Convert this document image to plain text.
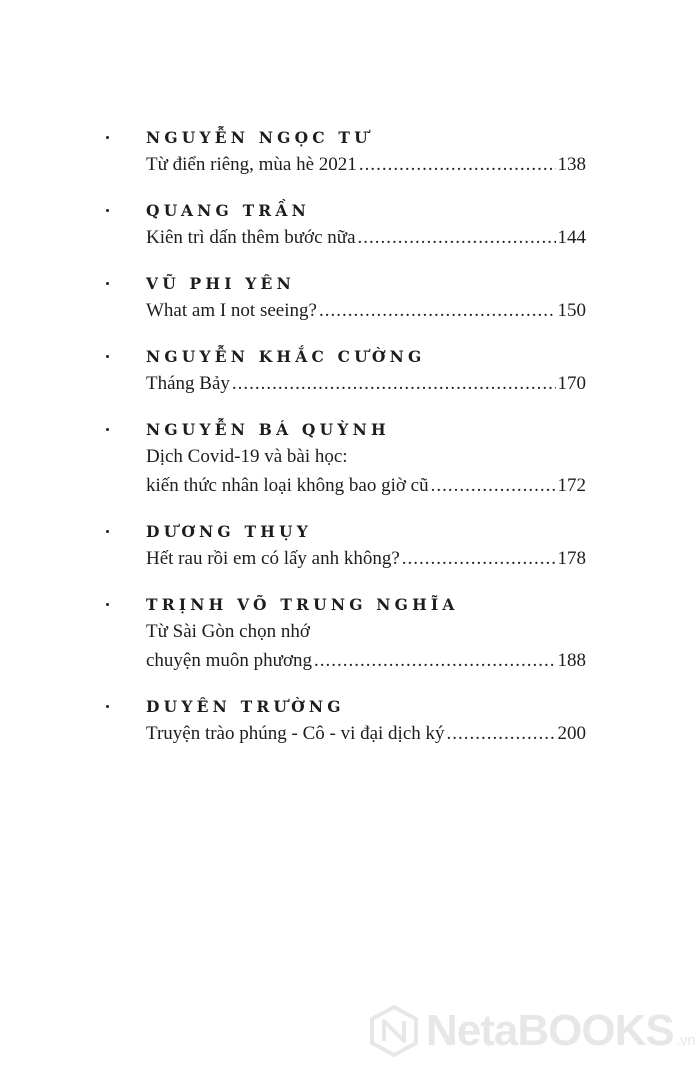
NGUYỄN NGỌC TƯ
Từ điển riêng, mùa hè 2021 .....	138
QUANG TRẦN
Kiên trì dấn thêm bước nữa .....	144
VŨ PHI YÊN
What am I not seeing? .....	150
NGUYỄN KHẮC CƯỜNG
Tháng Bảy .....	170
NGUYỄN BÁ QUỲNH
Dịch Covid-19 và bài học:
kiến thức nhân loại không bao giờ cũ .....	172
DƯƠNG THỤY
Hết rau rồi em có lấy anh không? .....	178
TRỊNH VÕ TRUNG NGHĨA
Từ Sài Gòn chọn nhớ
chuyện muôn phương .....	188
DUYÊN TRƯỜNG
Truyện trào phúng - Cô - vi đại dịch ký .....	200
NetaBOOKS .vn
